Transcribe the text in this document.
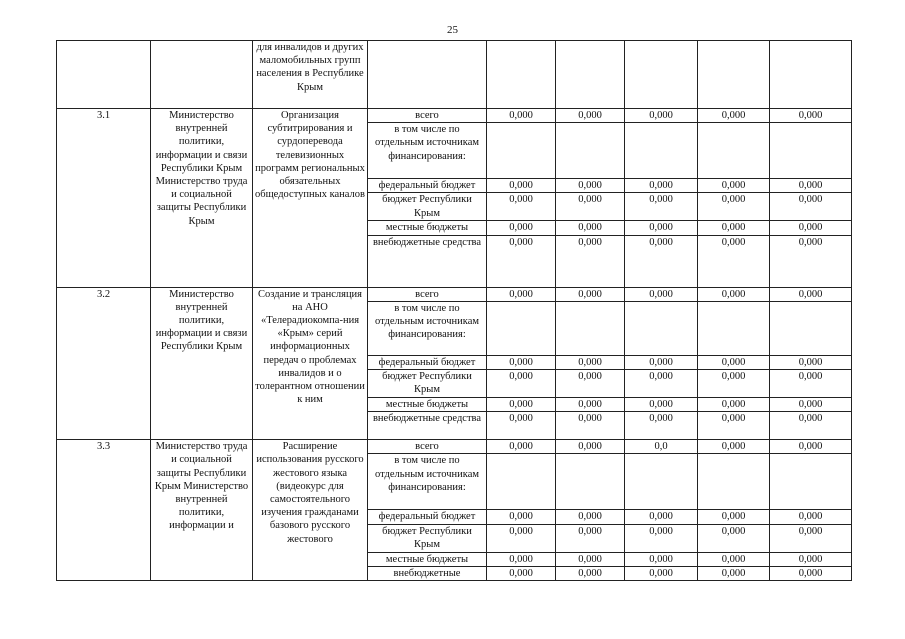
25
		для инвалидов и других маломобильных групп населения в Республике Крым						
3.1	Министерство внутренней политики, информации и связи Республики Крым Министерство труда и социальной защиты Республики Крым	Организация субтитрирования и сурдоперевода телевизионных программ региональных обязательных общедоступных каналов	всего	0,000	0,000	0,000	0,000	0,000
			в том числе по отдельным источникам финансирования:					
			федеральный бюджет	0,000	0,000	0,000	0,000	0,000
			бюджет Республики Крым	0,000	0,000	0,000	0,000	0,000
			местные бюджеты	0,000	0,000	0,000	0,000	0,000
			внебюджетные средства	0,000	0,000	0,000	0,000	0,000
3.2	Министерство внутренней политики, информации и связи Республики Крым	Создание и трансляция на АНО «Телерадиокомпа-ния «Крым» серий информационных передач о проблемах инвалидов и о толерантном отношении к ним	всего	0,000	0,000	0,000	0,000	0,000
			в том числе по отдельным источникам финансирования:					
			федеральный бюджет	0,000	0,000	0,000	0,000	0,000
			бюджет Республики Крым	0,000	0,000	0,000	0,000	0,000
			местные бюджеты	0,000	0,000	0,000	0,000	0,000
			внебюджетные средства	0,000	0,000	0,000	0,000	0,000
3.3	Министерство труда и социальной защиты Республики Крым Министерство внутренней политики, информации и	Расширение использования русского жестового языка (видеокурс для самостоятельного изучения гражданами базового русского жестового	всего	0,000	0,000	0,0	0,000	0,000
			в том числе по отдельным источникам финансирования:					
			федеральный бюджет	0,000	0,000	0,000	0,000	0,000
			бюджет Республики Крым	0,000	0,000	0,000	0,000	0,000
			местные бюджеты	0,000	0,000	0,000	0,000	0,000
			внебюджетные	0,000	0,000	0,000	0,000	0,000
